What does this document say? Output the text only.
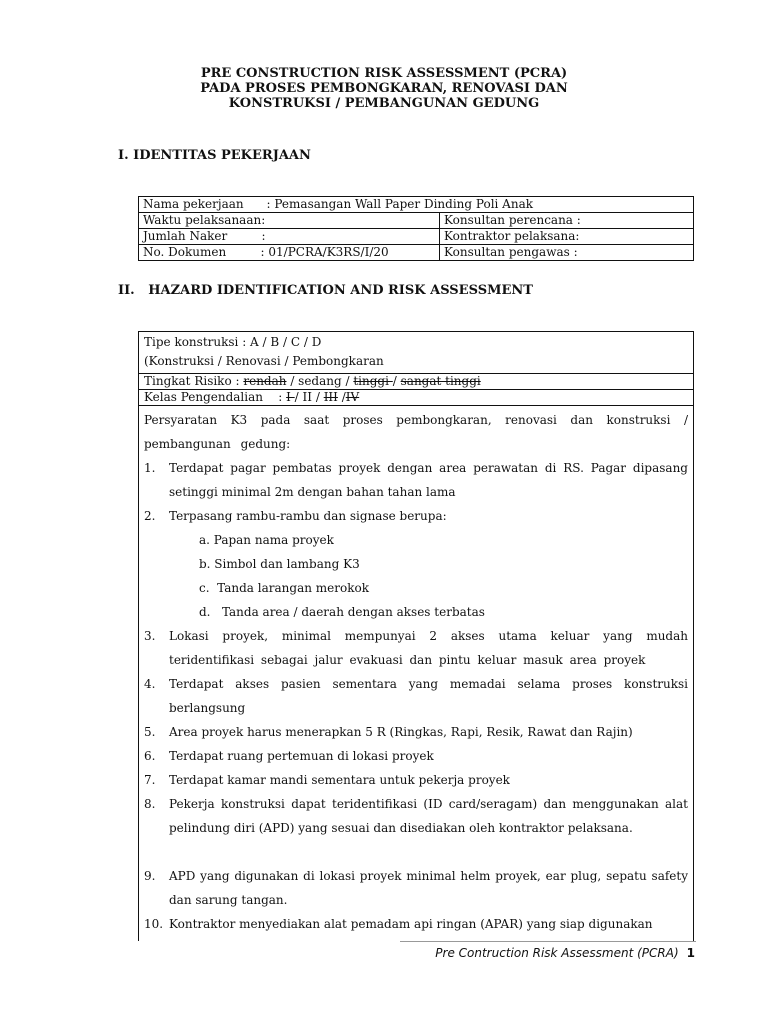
PRE CONSTRUCTION RISK ASSESSMENT (PCRA)
PADA PROSES PEMBONGKARAN, RENOVASI DAN
KONSTRUKSI / PEMBANGUNAN GEDUNG
I. IDENTITAS PEKERJAAN
Nama pekerjaan      : Pemasangan Wall Paper Dinding Poli Anak	
Waktu pelaksanaan:	Konsultan perencana :
Jumlah Naker         :	Kontraktor pelaksana:
No. Dokumen         : 01/PCRA/K3RS/I/20	Konsultan pengawas :
II.   HAZARD IDENTIFICATION AND RISK ASSESSMENT
Tipe konstruksi : A / B / C / D
(Konstruksi / Renovasi / Pembongkaran
Tingkat Risiko : rendah / sedang / tinggi / sangat tinggi
Kelas Pengendalian    : I / II / III /IV
Persyaratan K3 pada saat proses pembongkaran, renovasi dan konstruksi / pembangunan gedung:
1. Terdapat pagar pembatas proyek dengan area perawatan di RS. Pagar dipasang setinggi minimal 2m dengan bahan tahan lama
2. Terpasang rambu-rambu dan signase berupa:
a. Papan nama proyek
b. Simbol dan lambang K3
c.  Tanda larangan merokok
d.   Tanda area / daerah dengan akses terbatas
3. Lokasi proyek, minimal mempunyai 2 akses utama keluar yang mudah teridentifikasi sebagai jalur evakuasi dan pintu keluar masuk area proyek
4. Terdapat akses pasien sementara yang memadai selama proses konstruksi berlangsung
5. Area proyek harus menerapkan 5 R (Ringkas, Rapi, Resik, Rawat dan Rajin)
6. Terdapat ruang pertemuan di lokasi proyek
7. Terdapat kamar mandi sementara untuk pekerja proyek
8. Pekerja konstruksi dapat teridentifikasi (ID card/seragam) dan menggunakan alat pelindung diri (APD) yang sesuai dan disediakan oleh kontraktor pelaksana.
9. APD yang digunakan di lokasi proyek minimal helm proyek, ear plug, sepatu safety dan sarung tangan.
10. Kontraktor menyediakan alat pemadam api ringan (APAR) yang siap digunakan
Pre Contruction Risk Assessment (PCRA) 1
